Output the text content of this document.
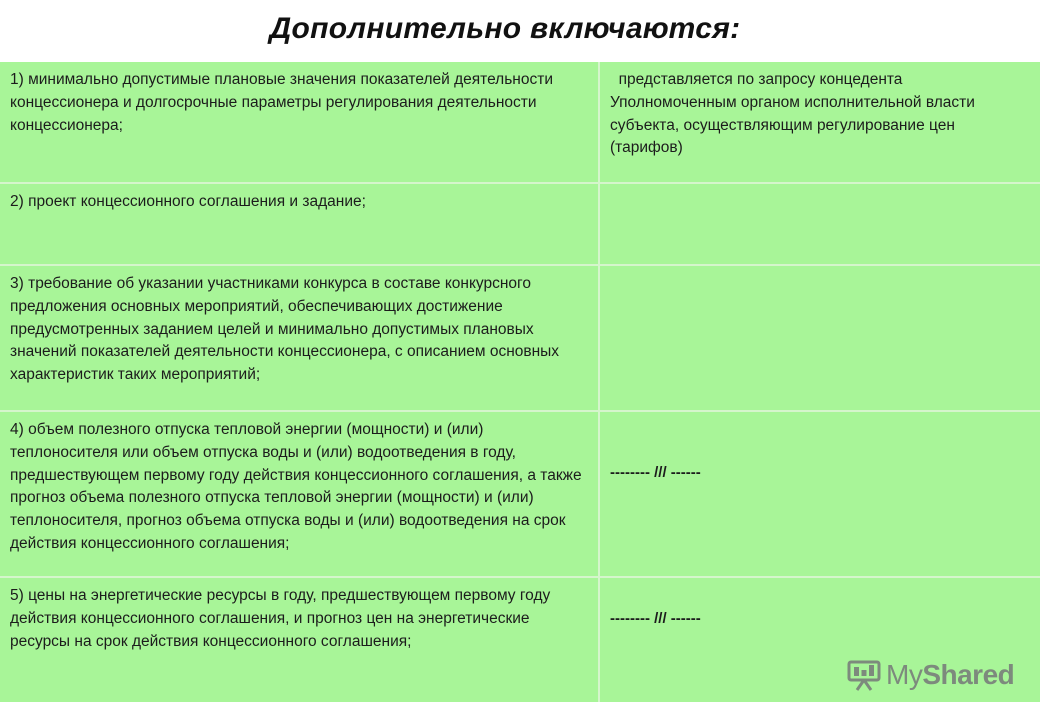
Дополнительно включаются:
1) минимально допустимые плановые значения показателей деятельности концессионера и долгосрочные параметры регулирования деятельности концессионера;
представляется по запросу концедента Уполномоченным органом исполнительной власти субъекта, осуществляющим регулирование цен (тарифов)
2) проект концессионного соглашения и задание;
3) требование об указании участниками конкурса в составе конкурсного предложения основных мероприятий, обеспечивающих достижение предусмотренных заданием целей и минимально допустимых плановых значений показателей деятельности концессионера, с описанием основных характеристик таких мероприятий;
4) объем полезного отпуска тепловой энергии (мощности) и (или) теплоносителя или объем отпуска воды и (или) водоотведения в году, предшествующем первому году действия концессионного соглашения, а также прогноз объема полезного отпуска тепловой энергии (мощности) и (или) теплоносителя, прогноз объема отпуска воды и (или) водоотведения на срок действия концессионного соглашения;
-------- /// ------
5) цены на энергетические ресурсы в году, предшествующем первому году действия концессионного соглашения, и прогноз цен на энергетические ресурсы на срок действия концессионного соглашения;
-------- /// ------
My Shared
